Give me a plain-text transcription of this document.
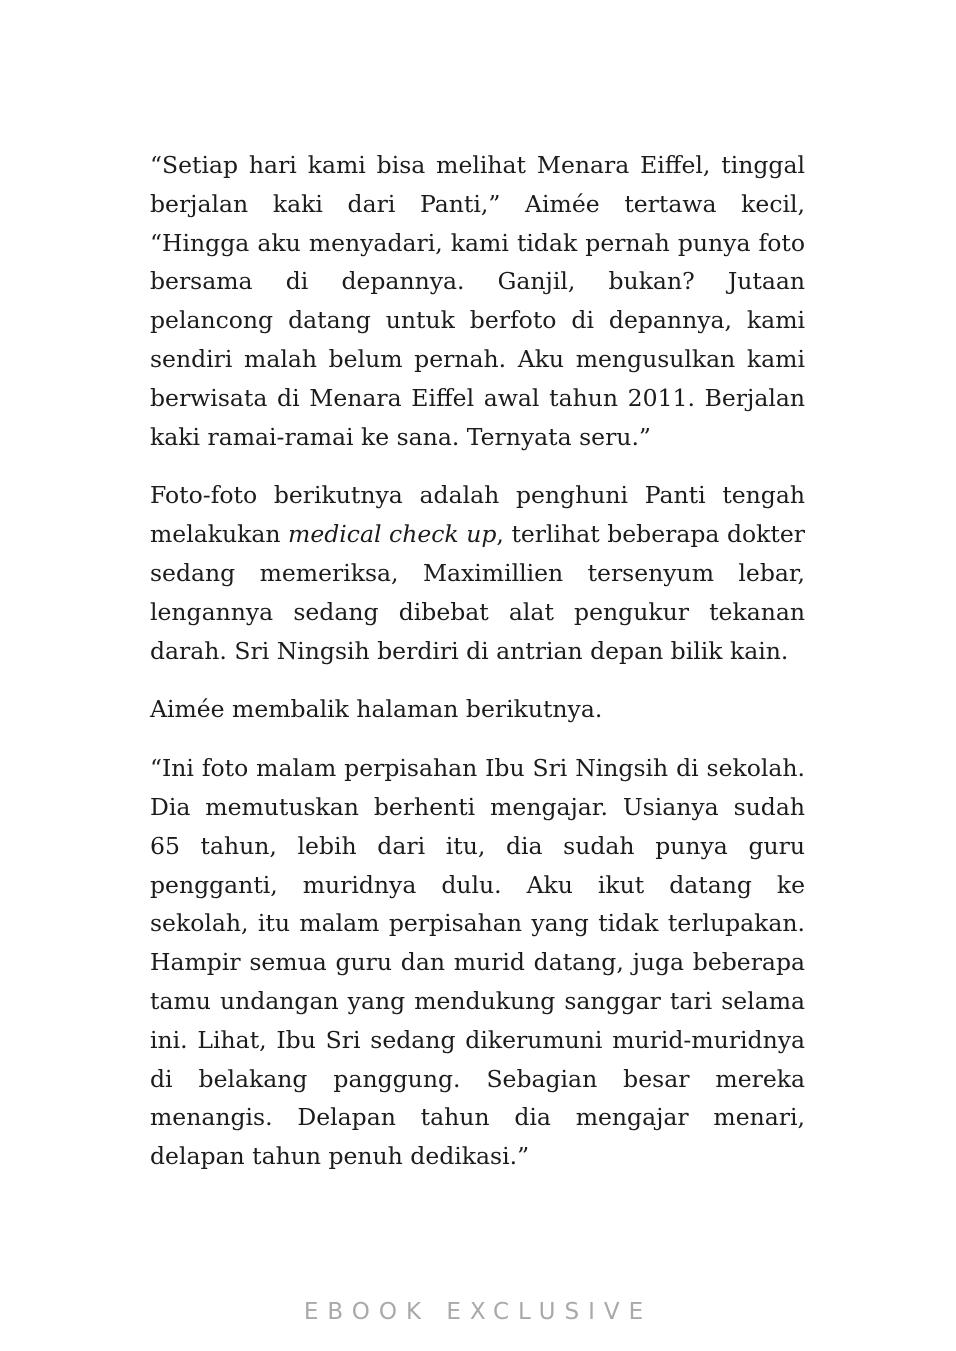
“Setiap hari kami bisa melihat Menara Eiffel, tinggal berjalan kaki dari Panti,” Aimée tertawa kecil, “Hingga aku menyadari, kami tidak pernah punya foto bersama di depannya. Ganjil, bukan? Jutaan pelancong datang untuk berfoto di depannya, kami sendiri malah belum pernah. Aku mengusulkan kami berwisata di Menara Eiffel awal tahun 2011. Berjalan kaki ramai-ramai ke sana. Ternyata seru.”

Foto-foto berikutnya adalah penghuni Panti tengah melakukan medical check up, terlihat beberapa dokter sedang memeriksa, Maximillien tersenyum lebar, lengannya sedang dibebat alat pengukur tekanan darah. Sri Ningsih berdiri di antrian depan bilik kain.

Aimée membalik halaman berikutnya.

“Ini foto malam perpisahan Ibu Sri Ningsih di sekolah. Dia memutuskan berhenti mengajar. Usianya sudah 65 tahun, lebih dari itu, dia sudah punya guru pengganti, muridnya dulu. Aku ikut datang ke sekolah, itu malam perpisahan yang tidak terlupakan. Hampir semua guru dan murid datang, juga beberapa tamu undangan yang mendukung sanggar tari selama ini. Lihat, Ibu Sri sedang dikerumuni murid-muridnya di belakang panggung. Sebagian besar mereka menangis. Delapan tahun dia mengajar menari, delapan tahun penuh dedikasi.”

EBOOK EXCLUSIVE
